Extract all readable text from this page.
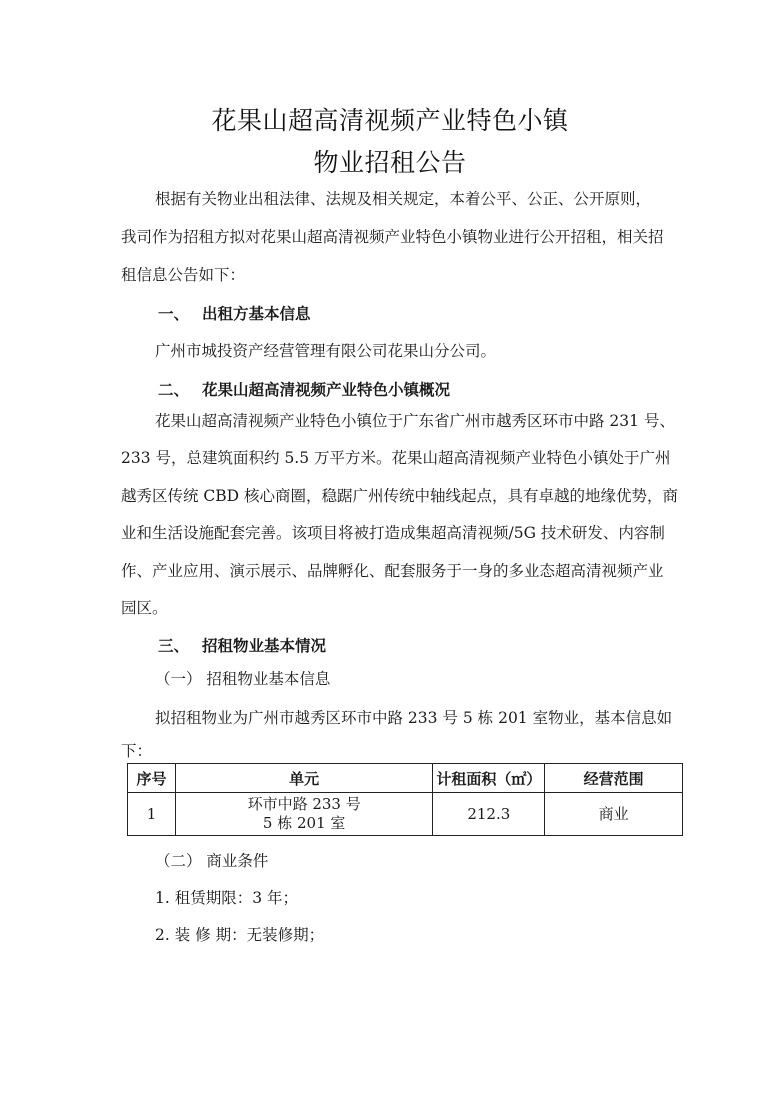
花果山超高清视频产业特色小镇
物业招租公告
根据有关物业出租法律、法规及相关规定，本着公平、公正、公开原则，
我司作为招租方拟对花果山超高清视频产业特色小镇物业进行公开招租，相关招
租信息公告如下：
一、 出租方基本信息
广州市城投资产经营管理有限公司花果山分公司。
二、 花果山超高清视频产业特色小镇概况
花果山超高清视频产业特色小镇位于广东省广州市越秀区环市中路 231 号、
233 号，总建筑面积约 5.5 万平方米。花果山超高清视频产业特色小镇处于广州
越秀区传统 CBD 核心商圈，稳踞广州传统中轴线起点，具有卓越的地缘优势，商
业和生活设施配套完善。该项目将被打造成集超高清视频/5G 技术研发、内容制
作、产业应用、演示展示、品牌孵化、配套服务于一身的多业态超高清视频产业
园区。
三、 招租物业基本情况
（一） 招租物业基本信息
拟招租物业为广州市越秀区环市中路 233 号 5 栋 201 室物业，基本信息如
下：
序号	单元	计租面积（㎡）	经营范围
1	环市中路 233 号
5 栋 201 室	212.3	商业
（二） 商业条件
1. 租赁期限：3 年；
2. 装 修 期：无装修期；
